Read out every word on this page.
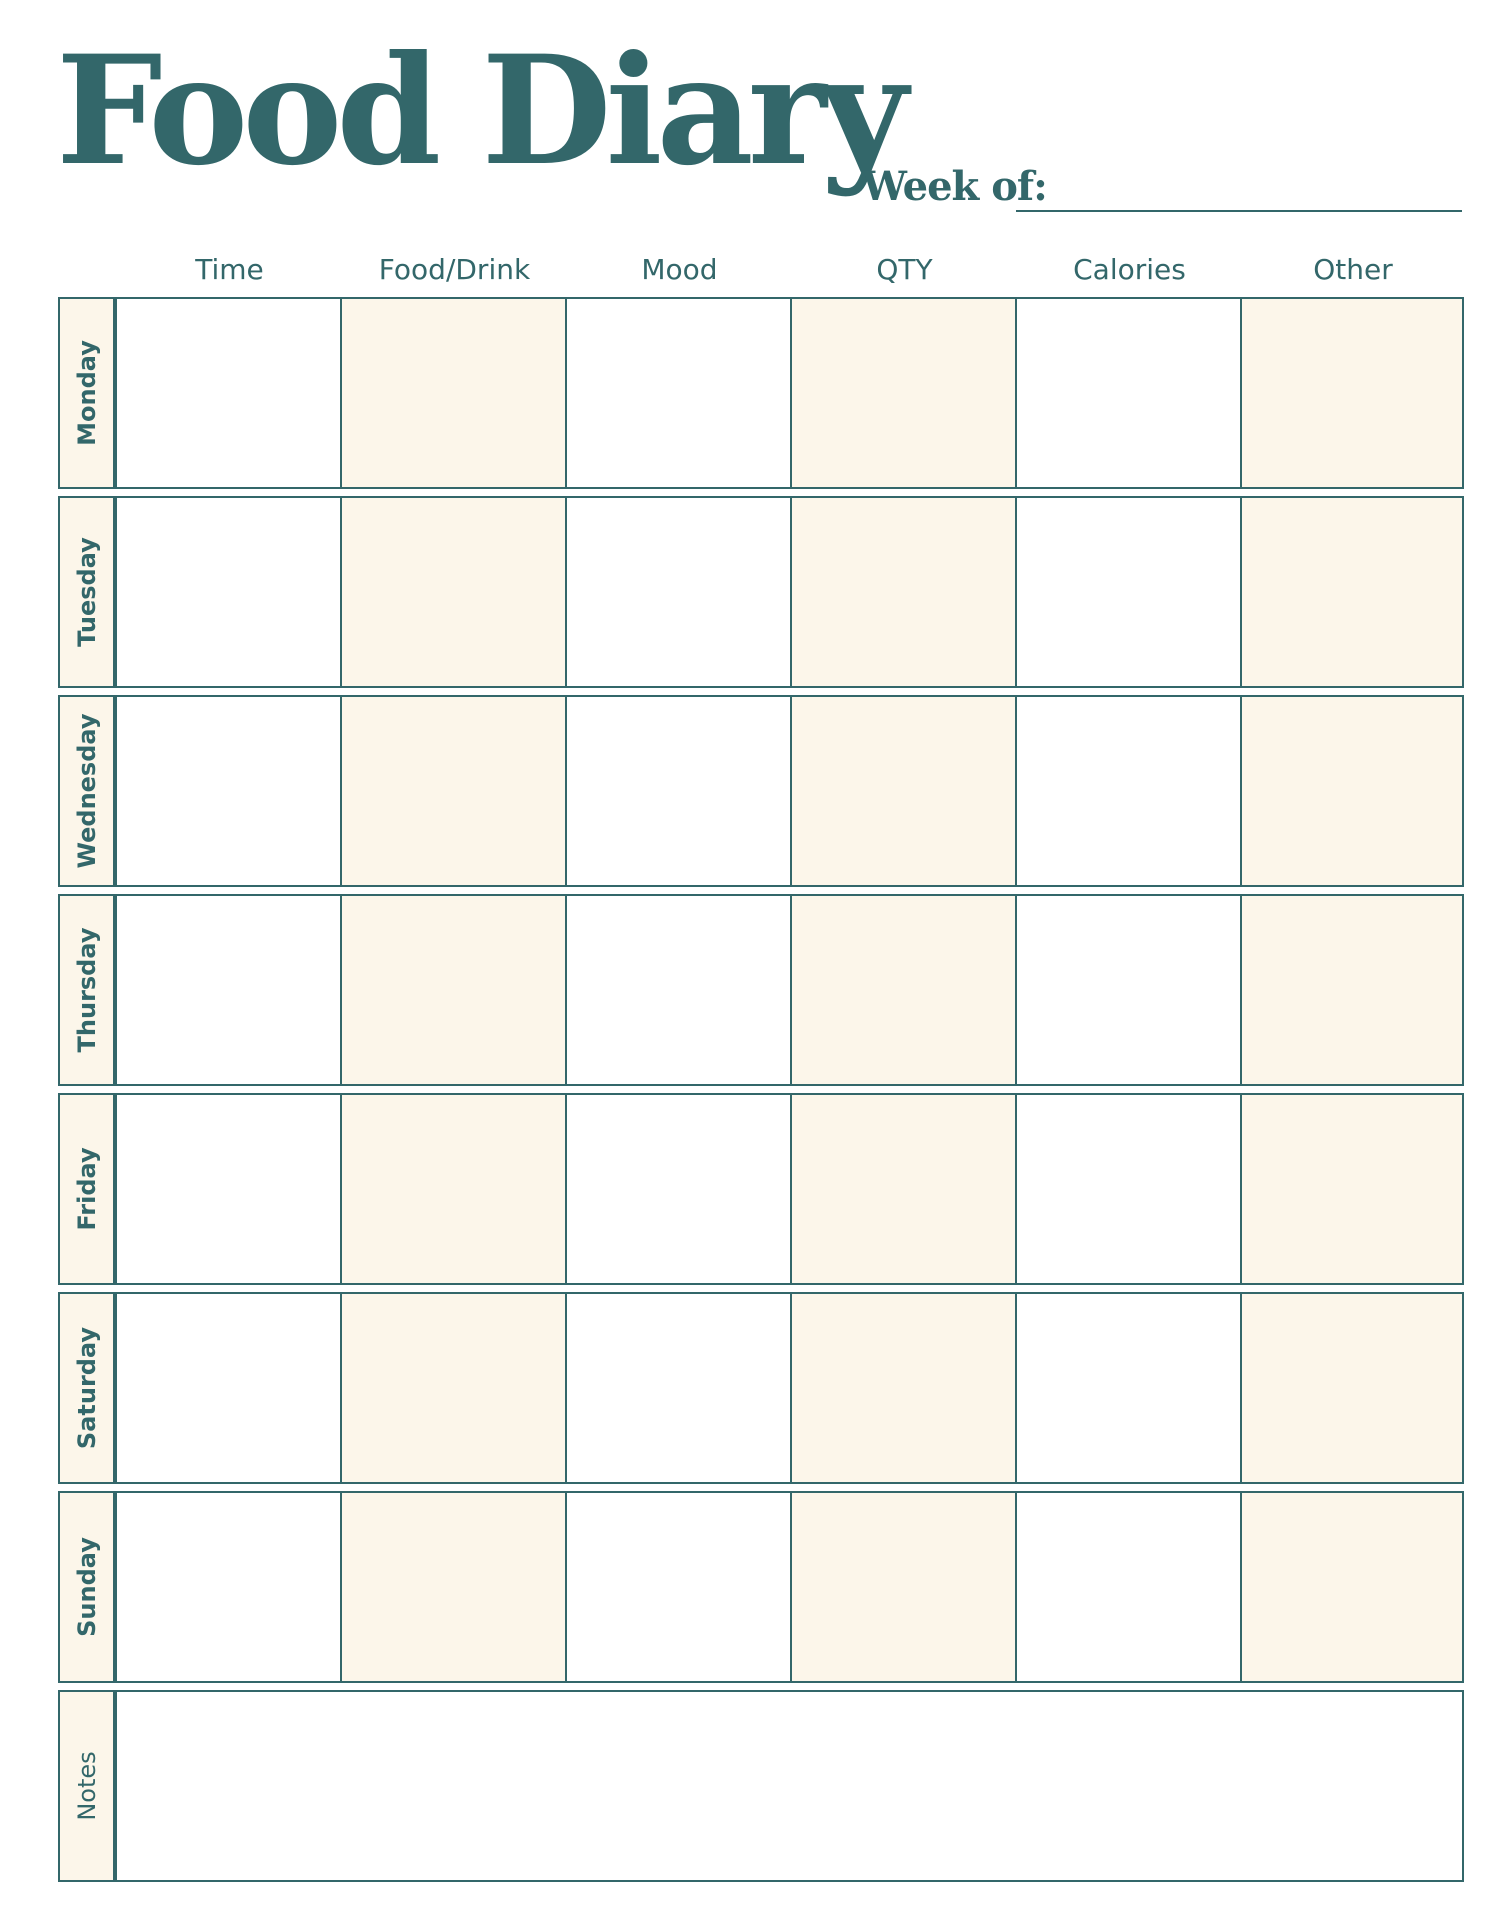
Food Diary
Week of:
Time	Food/Drink	Mood	QTY	Calories	Other
Monday
Tuesday
Wednesday
Thursday
Friday
Saturday
Sunday
Notes
